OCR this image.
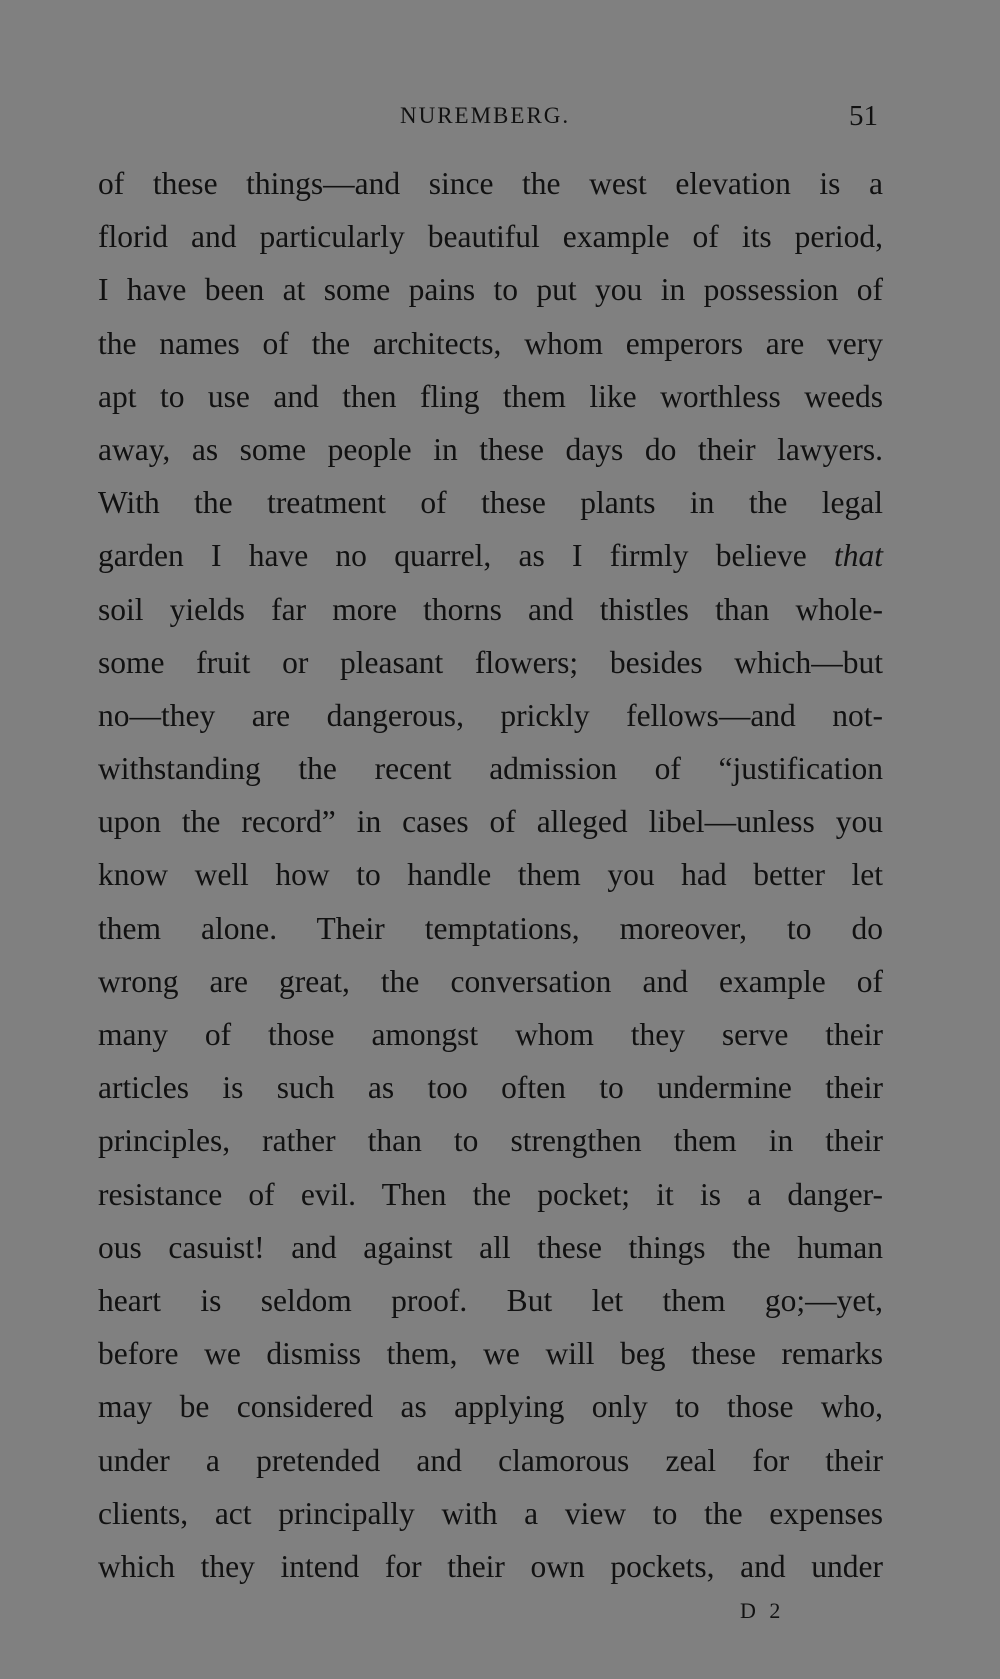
NUREMBERG.	51
of these things—and since the west elevation is a
florid and particularly beautiful example of its period,
I have been at some pains to put you in possession of
the names of the architects, whom emperors are very
apt to use and then fling them like worthless weeds
away, as some people in these days do their lawyers.
With the treatment of these plants in the legal
garden I have no quarrel, as I firmly believe that
soil yields far more thorns and thistles than whole-
some fruit or pleasant flowers; besides which—but
no—they are dangerous, prickly fellows—and not-
withstanding the recent admission of “justification
upon the record” in cases of alleged libel—unless you
know well how to handle them you had better let
them alone. Their temptations, moreover, to do
wrong are great, the conversation and example of
many of those amongst whom they serve their
articles is such as too often to undermine their
principles, rather than to strengthen them in their
resistance of evil. Then the pocket; it is a danger-
ous casuist! and against all these things the human
heart is seldom proof. But let them go;—yet,
before we dismiss them, we will beg these remarks
may be considered as applying only to those who,
under a pretended and clamorous zeal for their
clients, act principally with a view to the expenses
which they intend for their own pockets, and under
D 2
